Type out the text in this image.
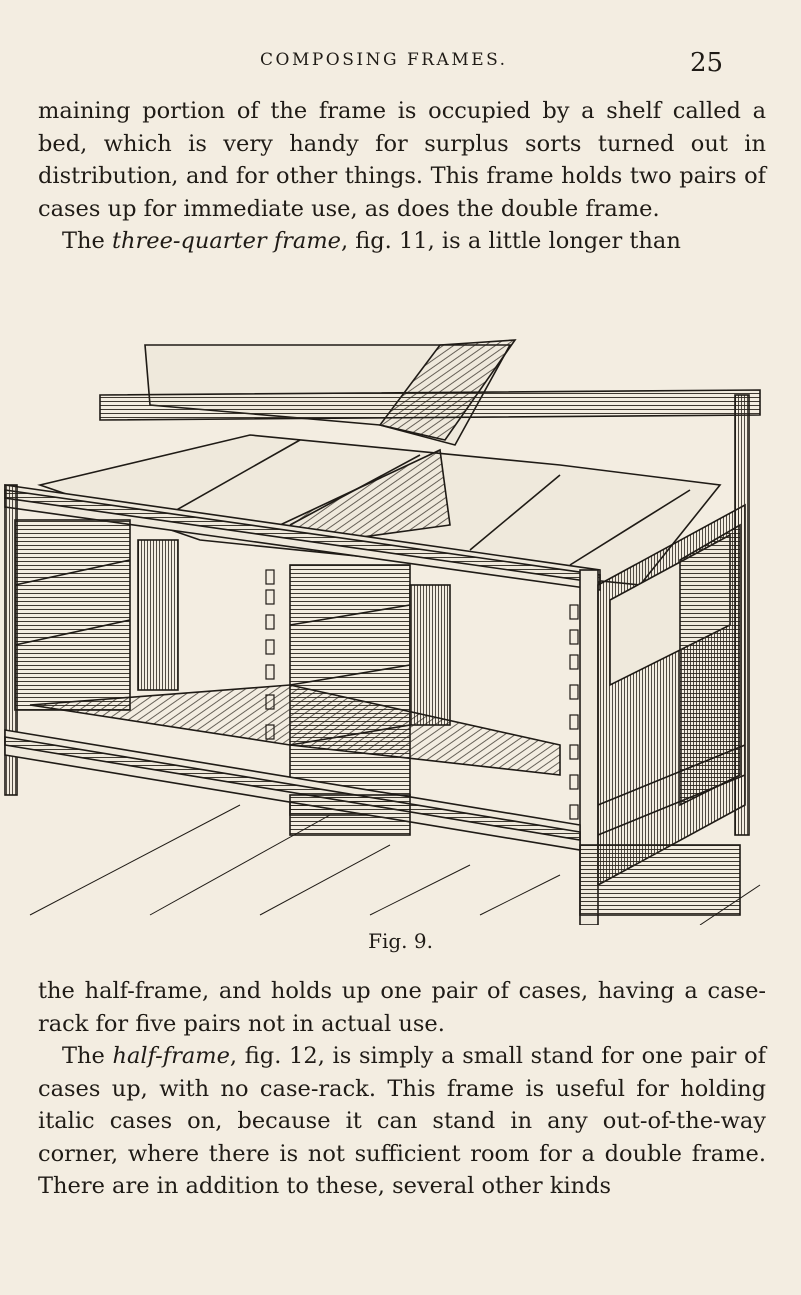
COMPOSING FRAMES.	25

maining portion of the frame is occupied by a shelf called a bed, which is very handy for surplus sorts turned out in distribution, and for other things. This frame holds two pairs of cases up for immediate use, as does the double frame.

The three-quarter frame, fig. 11, is a little longer than

Fig. 9.

the half-frame, and holds up one pair of cases, having a case-rack for five pairs not in actual use.

The half-frame, fig. 12, is simply a small stand for one pair of cases up, with no case-rack. This frame is useful for holding italic cases on, because it can stand in any out-of-the-way corner, where there is not sufficient room for a double frame. There are in addition to these, several other kinds
